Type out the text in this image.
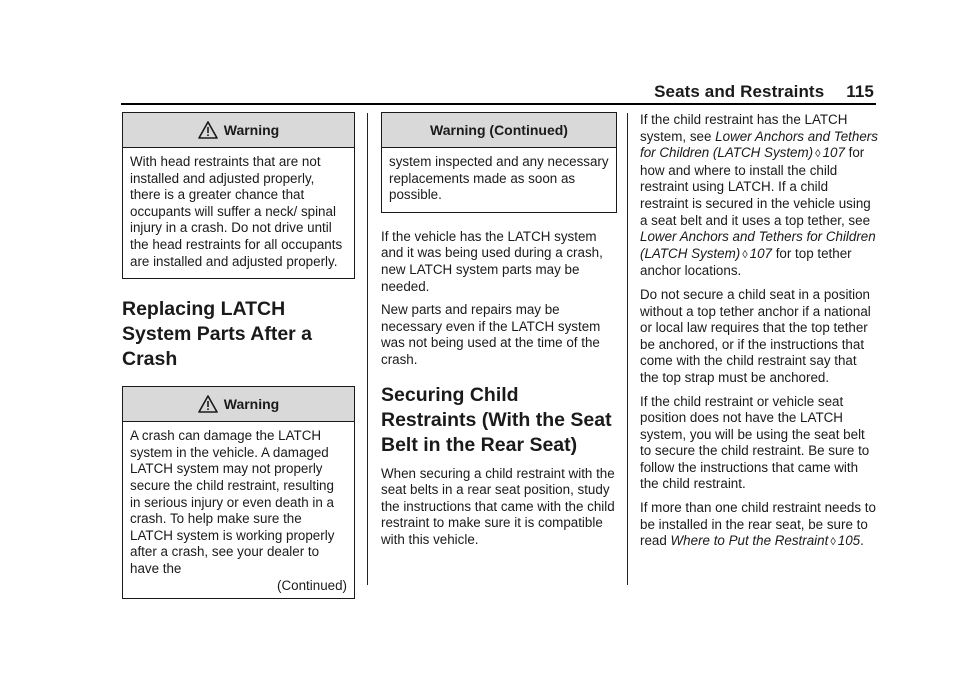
Seats and Restraints 115
Warning

With head restraints that are not installed and adjusted properly, there is a greater chance that occupants will suffer a neck/ spinal injury in a crash. Do not drive until the head restraints for all occupants are installed and adjusted properly.

Replacing LATCH System Parts After a Crash
Warning

A crash can damage the LATCH system in the vehicle. A damaged LATCH system may not properly secure the child restraint, resulting in serious injury or even death in a crash. To help make sure the LATCH system is working properly after a crash, see your dealer to have the

(Continued)
Warning (Continued)

system inspected and any necessary replacements made as soon as possible.

If the vehicle has the LATCH system and it was being used during a crash, new LATCH system parts may be needed.

New parts and repairs may be necessary even if the LATCH system was not being used at the time of the crash.

Securing Child Restraints (With the Seat Belt in the Rear Seat)

When securing a child restraint with the seat belts in a rear seat position, study the instructions that came with the child restraint to make sure it is compatible with this vehicle.

If the child restraint has the LATCH system, see Lower Anchors and Tethers for Children (LATCH System) ◊ 107 for how and where to install the child restraint using LATCH. If a child restraint is secured in the vehicle using a seat belt and it uses a top tether, see Lower Anchors and Tethers for Children (LATCH System) ◊ 107 for top tether anchor locations.

Do not secure a child seat in a position without a top tether anchor if a national or local law requires that the top tether be anchored, or if the instructions that come with the child restraint say that the top strap must be anchored.

If the child restraint or vehicle seat position does not have the LATCH system, you will be using the seat belt to secure the child restraint. Be sure to follow the instructions that came with the child restraint.

If more than one child restraint needs to be installed in the rear seat, be sure to read Where to Put the Restraint ◊ 105.
